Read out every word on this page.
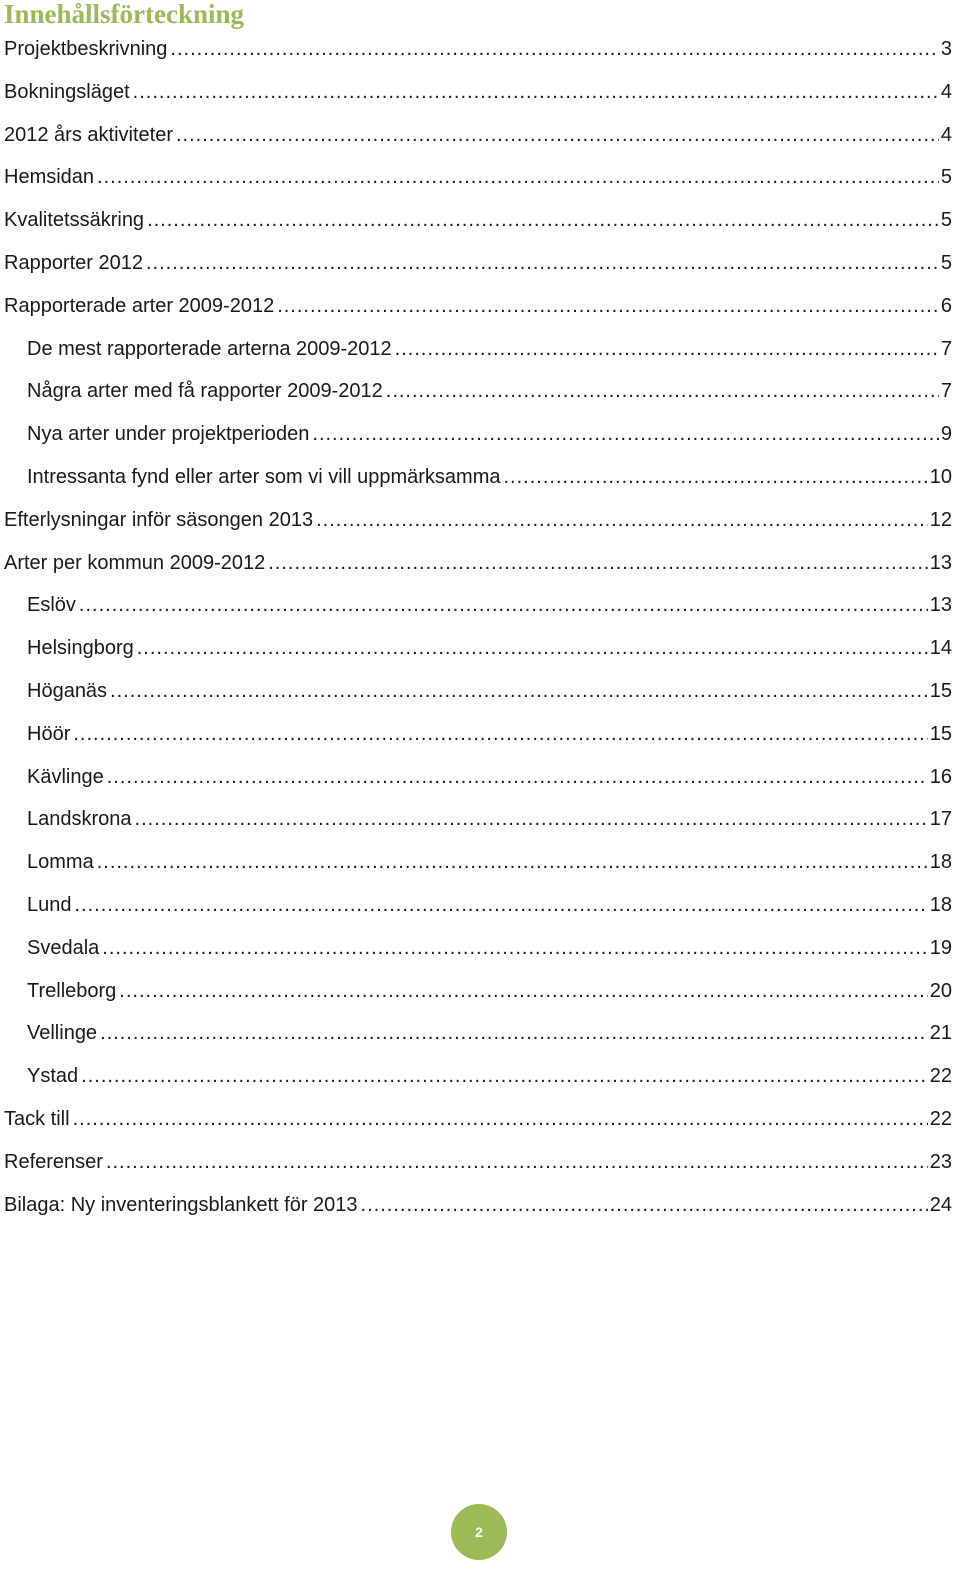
Innehållsförteckning
Projektbeskrivning .....	3
Bokningsläget .....	4
2012 års aktiviteter .....	4
Hemsidan .....	5
Kvalitetssäkring .....	5
Rapporter 2012 .....	5
Rapporterade arter 2009-2012 .....	6
De mest rapporterade arterna 2009-2012 .....	7
Några arter med få rapporter 2009-2012 .....	7
Nya arter under projektperioden .....	9
Intressanta fynd eller arter som vi vill uppmärksamma .....	10
Efterlysningar inför säsongen 2013 .....	12
Arter per kommun 2009-2012 .....	13
Eslöv .....	13
Helsingborg .....	14
Höganäs .....	15
Höör .....	15
Kävlinge .....	16
Landskrona .....	17
Lomma .....	18
Lund .....	18
Svedala .....	19
Trelleborg .....	20
Vellinge .....	21
Ystad .....	22
Tack till .....	22
Referenser .....	23
Bilaga: Ny inventeringsblankett för 2013 .....	24
2
